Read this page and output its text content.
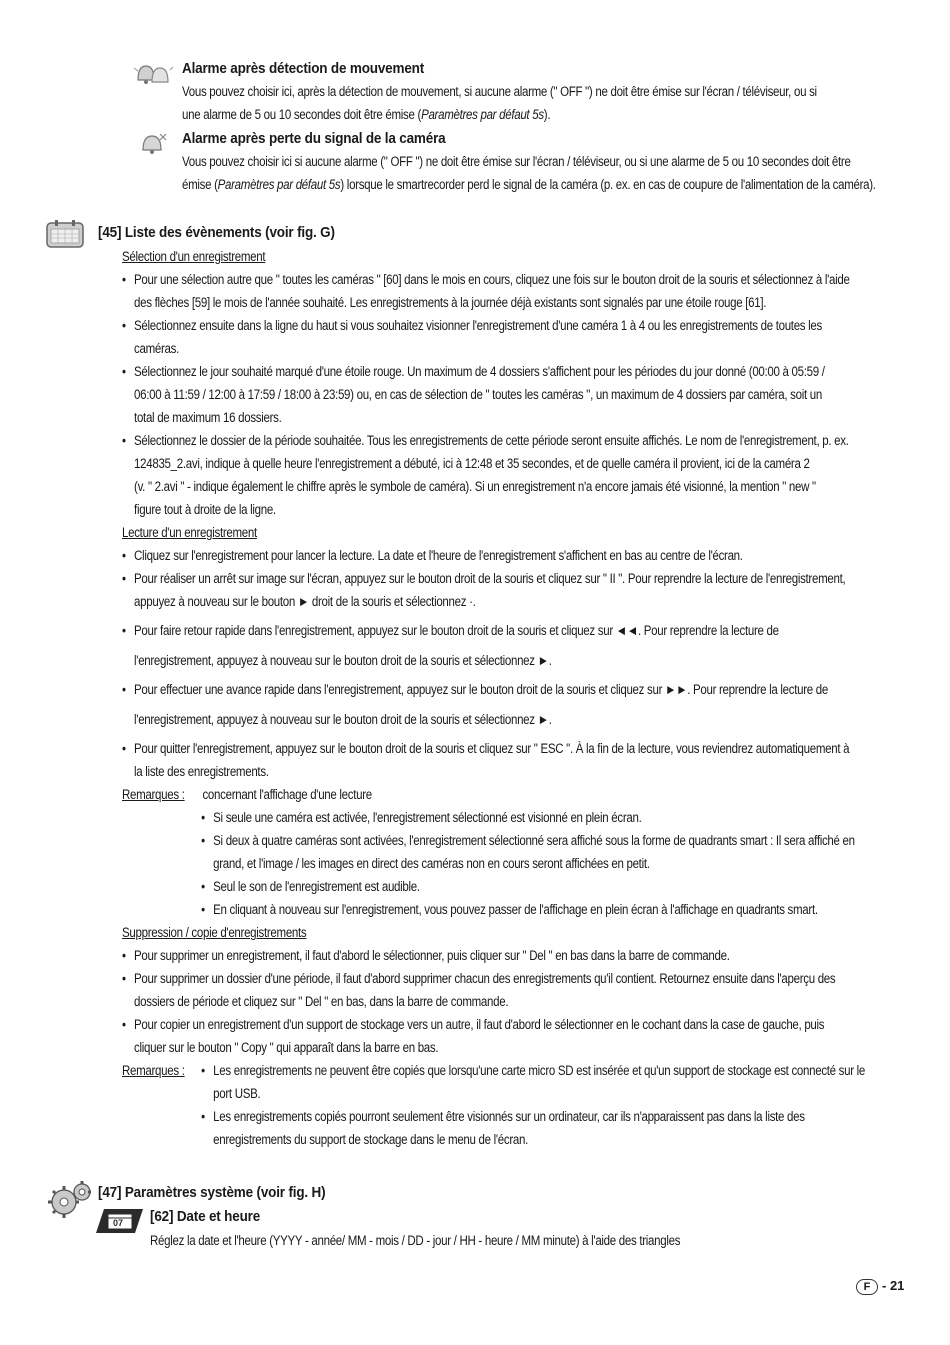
Alarme après détection de mouvement
Vous pouvez choisir ici, après la détection de mouvement, si aucune alarme (" OFF ") ne doit être émise sur l'écran / téléviseur, ou si
une alarme de 5 ou 10 secondes doit être émise (Paramètres par défaut 5s).
Alarme après perte du signal de la caméra
Vous pouvez choisir ici si aucune alarme (" OFF ") ne doit être émise sur l'écran / téléviseur, ou si une alarme de 5 ou 10 secondes doit être
émise (Paramètres par défaut 5s) lorsque le smartrecorder perd le signal de la caméra (p. ex. en cas de coupure de l'alimentation de la caméra).
[45] Liste des évènements (voir fig. G)
Sélection d'un enregistrement
• Pour une sélection autre que " toutes les caméras " [60] dans le mois en cours, cliquez une fois sur le bouton droit de la souris et sélectionnez à l'aide
des flèches [59] le mois de l'année souhaité. Les enregistrements à la journée déjà existants sont signalés par une étoile rouge [61].
• Sélectionnez ensuite dans la ligne du haut si vous souhaitez visionner l'enregistrement d'une caméra 1 à 4 ou les enregistrements de toutes les
caméras.
• Sélectionnez le jour souhaité marqué d'une étoile rouge. Un maximum de 4 dossiers s'affichent pour les périodes du jour donné (00:00 à 05:59 /
06:00 à 11:59 / 12:00 à 17:59 / 18:00 à 23:59) ou, en cas de sélection de " toutes les caméras ", un maximum de 4 dossiers par caméra, soit un
total de maximum 16 dossiers.
• Sélectionnez le dossier de la période souhaitée. Tous les enregistrements de cette période seront ensuite affichés. Le nom de l'enregistrement, p. ex.
124835_2.avi, indique à quelle heure l'enregistrement a débuté, ici à 12:48 et 35 secondes, et de quelle caméra il provient, ici de la caméra 2
(v. " 2.avi " - indique également le chiffre après le symbole de caméra). Si un enregistrement n'a encore jamais été visionné, la mention " new "
figure tout à droite de la ligne.
Lecture d'un enregistrement
• Cliquez sur l'enregistrement pour lancer la lecture. La date et l'heure de l'enregistrement s'affichent en bas au centre de l'écran.
• Pour réaliser un arrêt sur image sur l'écran, appuyez sur le bouton droit de la souris et cliquez sur " II ". Pour reprendre la lecture de l'enregistrement,
appuyez à nouveau sur le bouton ► droit de la souris et sélectionnez ·.
• Pour faire retour rapide dans l'enregistrement, appuyez sur le bouton droit de la souris et cliquez sur ◄◄. Pour reprendre la lecture de
l'enregistrement, appuyez à nouveau sur le bouton droit de la souris et sélectionnez ►.
• Pour effectuer une avance rapide dans l'enregistrement, appuyez sur le bouton droit de la souris et cliquez sur ►►. Pour reprendre la lecture de
l'enregistrement, appuyez à nouveau sur le bouton droit de la souris et sélectionnez ►.
• Pour quitter l'enregistrement, appuyez sur le bouton droit de la souris et cliquez sur " ESC ". À la fin de la lecture, vous reviendrez automatiquement à
la liste des enregistrements.
Remarques : concernant l'affichage d'une lecture
• Si seule une caméra est activée, l'enregistrement sélectionné est visionné en plein écran.
• Si deux à quatre caméras sont activées, l'enregistrement sélectionné sera affiché sous la forme de quadrants smart : Il sera affiché en
grand, et l'image / les images en direct des caméras non en cours seront affichées en petit.
• Seul le son de l'enregistrement est audible.
• En cliquant à nouveau sur l'enregistrement, vous pouvez passer de l'affichage en plein écran à l'affichage en quadrants smart.
Suppression / copie d'enregistrements
• Pour supprimer un enregistrement, il faut d'abord le sélectionner, puis cliquer sur " Del " en bas dans la barre de commande.
• Pour supprimer un dossier d'une période, il faut d'abord supprimer chacun des enregistrements qu'il contient. Retournez ensuite dans l'aperçu des
dossiers de période et cliquez sur " Del " en bas, dans la barre de commande.
• Pour copier un enregistrement d'un support de stockage vers un autre, il faut d'abord le sélectionner en le cochant dans la case de gauche, puis
cliquer sur le bouton " Copy " qui apparaît dans la barre en bas.
Remarques :
• Les enregistrements ne peuvent être copiés que lorsqu'une carte micro SD est insérée et qu'un support de stockage est connecté sur le
port USB.
• Les enregistrements copiés pourront seulement être visionnés sur un ordinateur, car ils n'apparaissent pas dans la liste des
enregistrements du support de stockage dans le menu de l'écran.
[47] Paramètres système (voir fig. H)
07 [62] Date et heure
Réglez la date et l'heure (YYYY - année/ MM - mois / DD - jour / HH - heure / MM minute) à l'aide des triangles
F - 21
